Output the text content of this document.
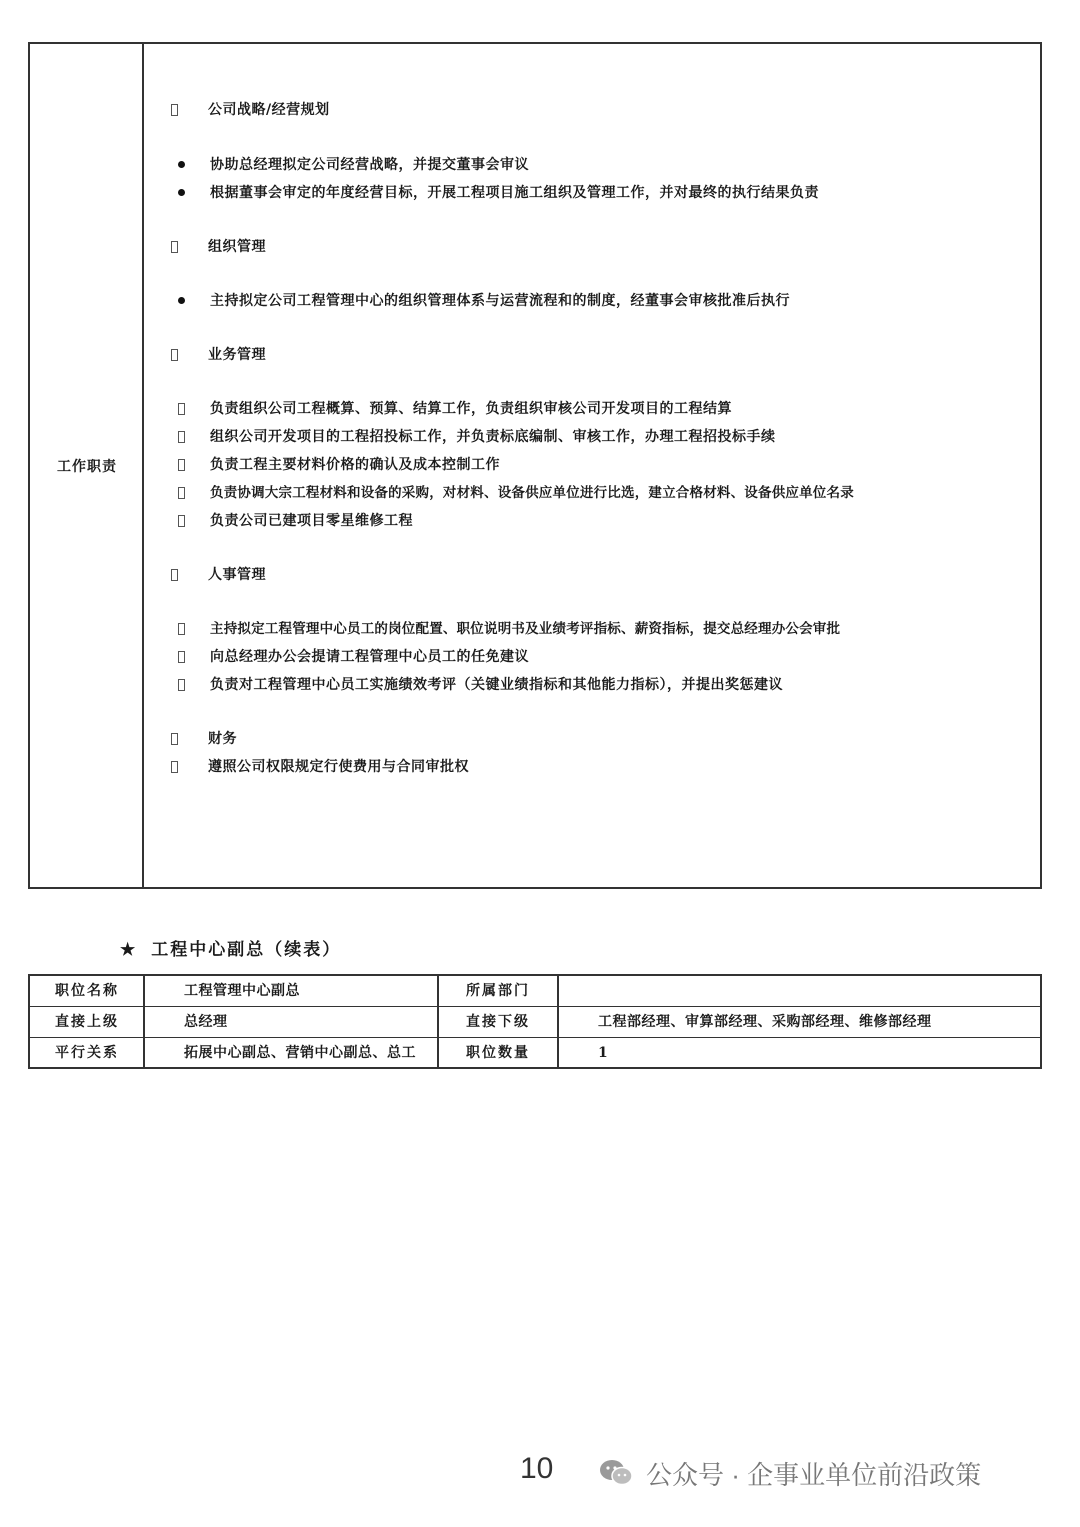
工作职责
公司战略/经营规划
协助总经理拟定公司经营战略，并提交董事会审议
根据董事会审定的年度经营目标，开展工程项目施工组织及管理工作，并对最终的执行结果负责
组织管理
主持拟定公司工程管理中心的组织管理体系与运营流程和的制度，经董事会审核批准后执行
业务管理
负责组织公司工程概算、预算、结算工作，负责组织审核公司开发项目的工程结算
组织公司开发项目的工程招投标工作，并负责标底编制、审核工作，办理工程招投标手续
负责工程主要材料价格的确认及成本控制工作
负责协调大宗工程材料和设备的采购，对材料、设备供应单位进行比选，建立合格材料、设备供应单位名录
负责公司已建项目零星维修工程
人事管理
主持拟定工程管理中心员工的岗位配置、职位说明书及业绩考评指标、薪资指标，提交总经理办公会审批
向总经理办公会提请工程管理中心员工的任免建议
负责对工程管理中心员工实施绩效考评（关键业绩指标和其他能力指标），并提出奖惩建议
财务
遵照公司权限规定行使费用与合同审批权
★ 工程中心副总（续表）
职位名称	工程管理中心副总	所属部门
直接上级	总经理	直接下级	工程部经理、审算部经理、采购部经理、维修部经理
平行关系	拓展中心副总、营销中心副总、总工	职位数量	1
10	公众号 · 企事业单位前沿政策
